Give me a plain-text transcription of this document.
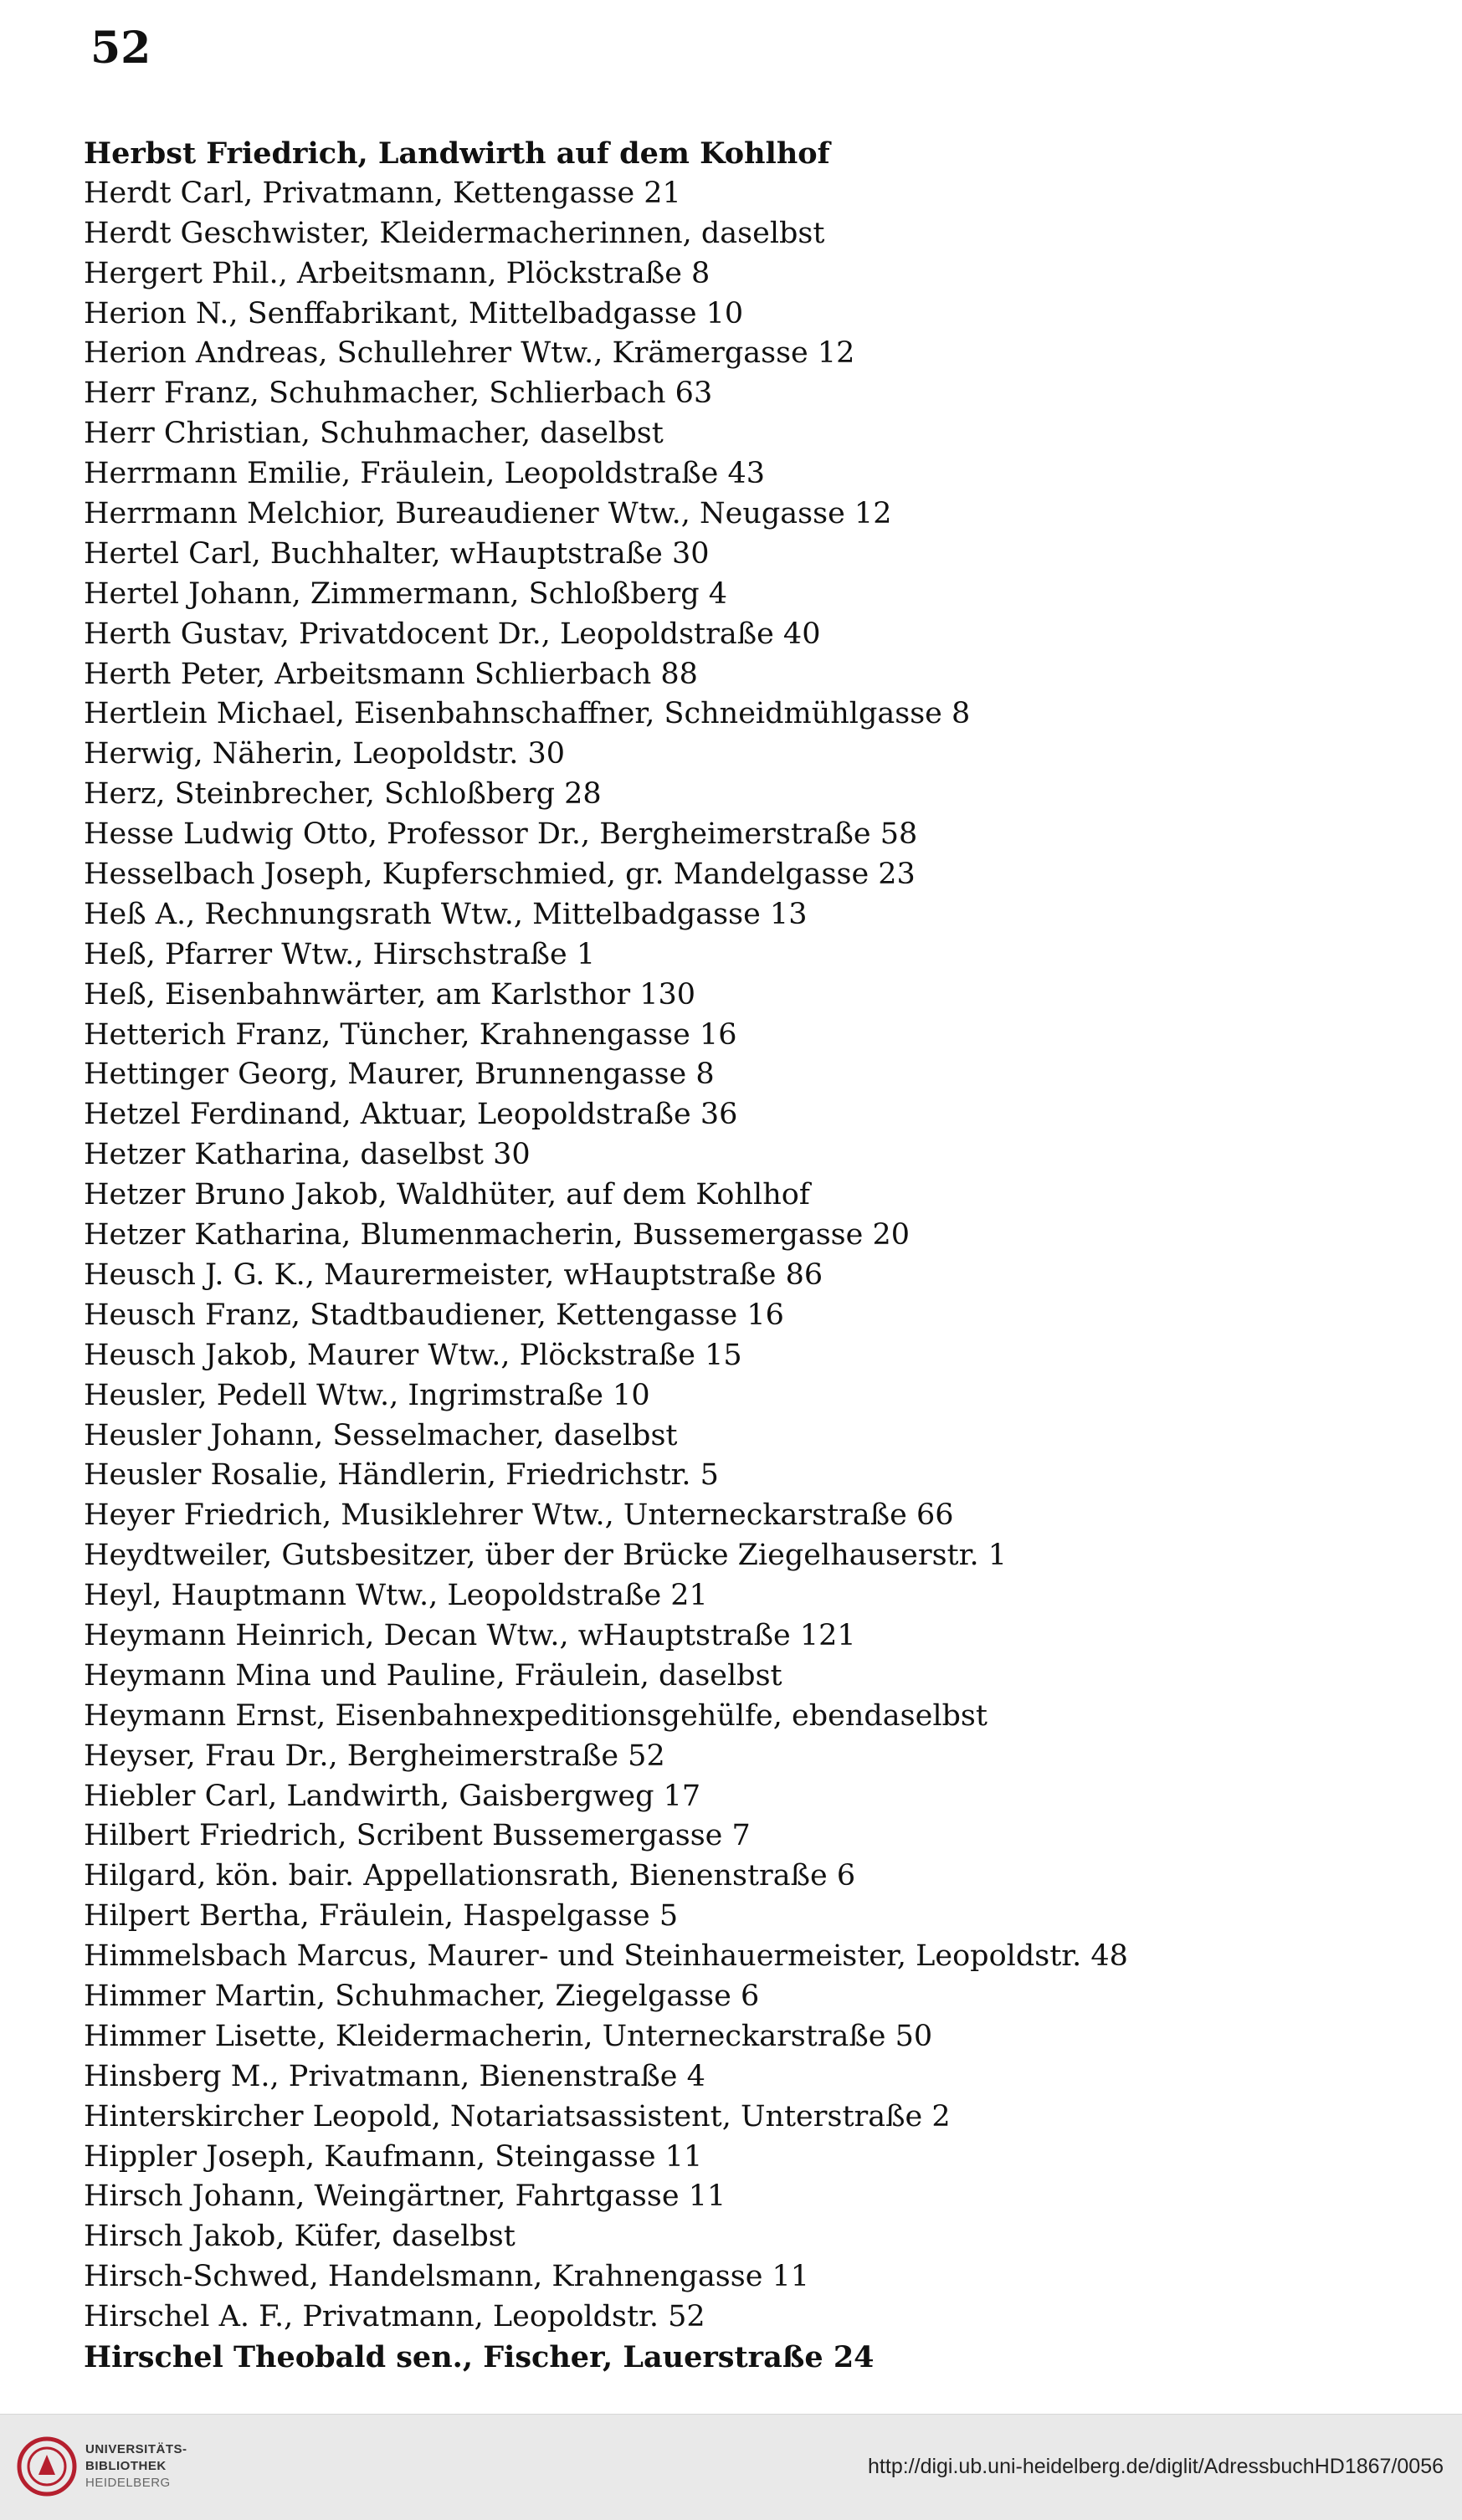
52
Herbst Friedrich, Landwirth auf dem Kohlhof
Herdt Carl, Privatmann, Kettengasse 21
Herdt Geschwister, Kleidermacherinnen, daselbst
Hergert Phil., Arbeitsmann, Plöckstraße 8
Herion N., Senffabrikant, Mittelbadgasse 10
Herion Andreas, Schullehrer Wtw., Krämergasse 12
Herr Franz, Schuhmacher, Schlierbach 63
Herr Christian, Schuhmacher, daselbst
Herrmann Emilie, Fräulein, Leopoldstraße 43
Herrmann Melchior, Bureaudiener Wtw., Neugasse 12
Hertel Carl, Buchhalter, wHauptstraße 30
Hertel Johann, Zimmermann, Schloßberg 4
Herth Gustav, Privatdocent Dr., Leopoldstraße 40
Herth Peter, Arbeitsmann Schlierbach 88
Hertlein Michael, Eisenbahnschaffner, Schneidmühlgasse 8
Herwig, Näherin, Leopoldstr. 30
Herz, Steinbrecher, Schloßberg 28
Hesse Ludwig Otto, Professor Dr., Bergheimerstraße 58
Hesselbach Joseph, Kupferschmied, gr. Mandelgasse 23
Heß A., Rechnungsrath Wtw., Mittelbadgasse 13
Heß, Pfarrer Wtw., Hirschstraße 1
Heß, Eisenbahnwärter, am Karlsthor 130
Hetterich Franz, Tüncher, Krahnengasse 16
Hettinger Georg, Maurer, Brunnengasse 8
Hetzel Ferdinand, Aktuar, Leopoldstraße 36
Hetzer Katharina, daselbst 30
Hetzer Bruno Jakob, Waldhüter, auf dem Kohlhof
Hetzer Katharina, Blumenmacherin, Bussemergasse 20
Heusch J. G. K., Maurermeister, wHauptstraße 86
Heusch Franz, Stadtbaudiener, Kettengasse 16
Heusch Jakob, Maurer Wtw., Plöckstraße 15
Heusler, Pedell Wtw., Ingrimstraße 10
Heusler Johann, Sesselmacher, daselbst
Heusler Rosalie, Händlerin, Friedrichstr. 5
Heyer Friedrich, Musiklehrer Wtw., Unterneckarstraße 66
Heydtweiler, Gutsbesitzer, über der Brücke Ziegelhauserstr. 1
Heyl, Hauptmann Wtw., Leopoldstraße 21
Heymann Heinrich, Decan Wtw., wHauptstraße 121
Heymann Mina und Pauline, Fräulein, daselbst
Heymann Ernst, Eisenbahnexpeditionsgehülfe, ebendaselbst
Heyser, Frau Dr., Bergheimerstraße 52
Hiebler Carl, Landwirth, Gaisbergweg 17
Hilbert Friedrich, Scribent Bussemergasse 7
Hilgard, kön. bair. Appellationsrath, Bienenstraße 6
Hilpert Bertha, Fräulein, Haspelgasse 5
Himmelsbach Marcus, Maurer- und Steinhauermeister, Leopoldstr. 48
Himmer Martin, Schuhmacher, Ziegelgasse 6
Himmer Lisette, Kleidermacherin, Unterneckarstraße 50
Hinsberg M., Privatmann, Bienenstraße 4
Hinterskircher Leopold, Notariatsassistent, Unterstraße 2
Hippler Joseph, Kaufmann, Steingasse 11
Hirsch Johann, Weingärtner, Fahrtgasse 11
Hirsch Jakob, Küfer, daselbst
Hirsch-Schwed, Handelsmann, Krahnengasse 11
Hirschel A. F., Privatmann, Leopoldstr. 52
Hirschel Theobald sen., Fischer, Lauerstraße 24
UNIVERSITÄTS-
BIBLIOTHEK
HEIDELBERG
http://digi.ub.uni-heidelberg.de/diglit/AdressbuchHD1867/0056
